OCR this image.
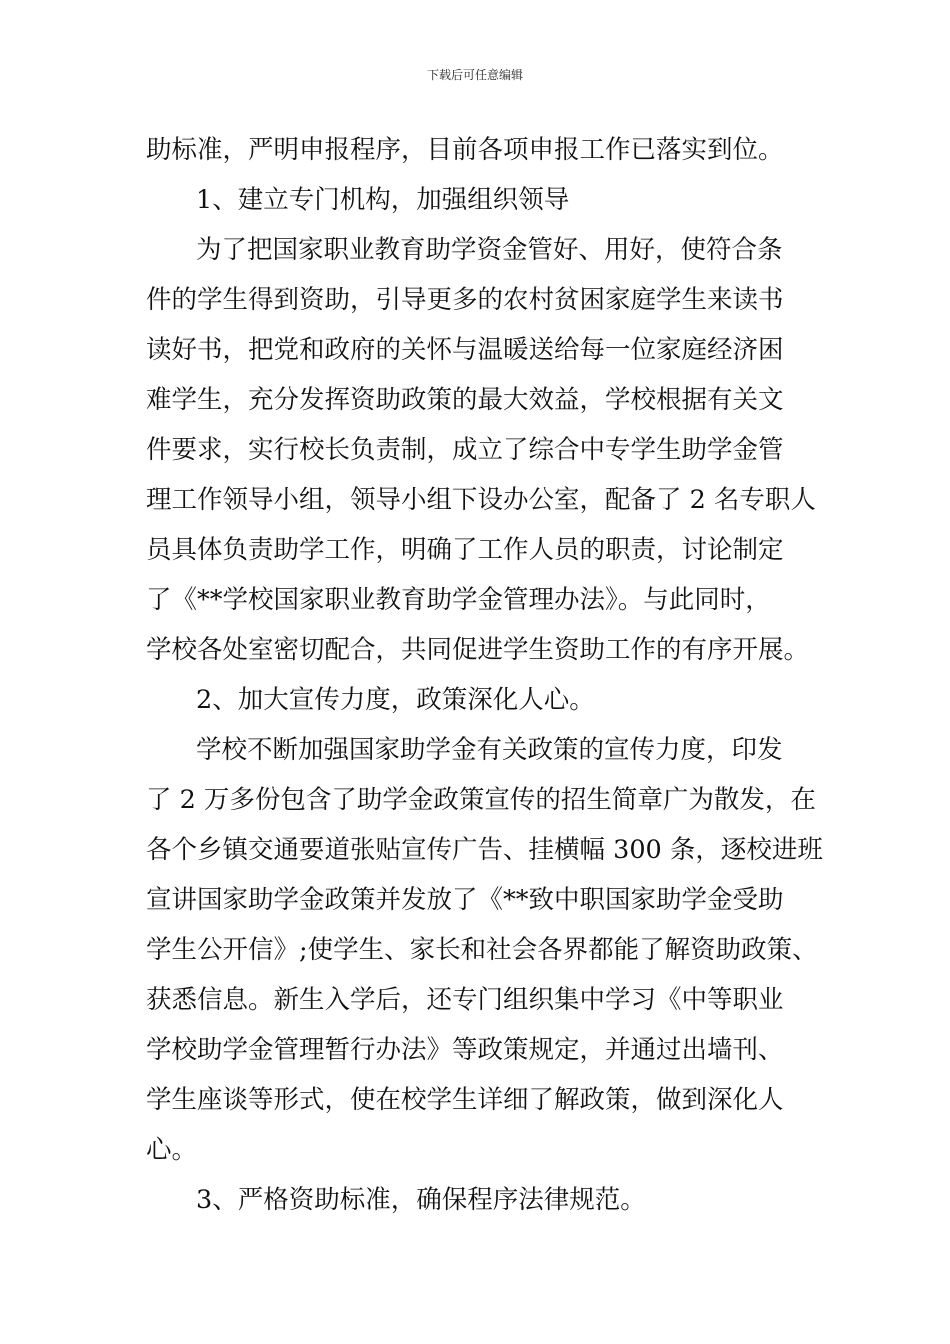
下载后可任意编辑
助标准，严明申报程序，目前各项申报工作已落实到位。
1、建立专门机构，加强组织领导
为了把国家职业教育助学资金管好、用好，使符合条
件的学生得到资助，引导更多的农村贫困家庭学生来读书
读好书，把党和政府的关怀与温暖送给每一位家庭经济困
难学生，充分发挥资助政策的最大效益，学校根据有关文
件要求，实行校长负责制，成立了综合中专学生助学金管
理工作领导小组，领导小组下设办公室，配备了 2 名专职人
员具体负责助学工作，明确了工作人员的职责，讨论制定
了《**学校国家职业教育助学金管理办法》。与此同时，
学校各处室密切配合，共同促进学生资助工作的有序开展。
2、加大宣传力度，政策深化人心。
学校不断加强国家助学金有关政策的宣传力度，印发
了 2 万多份包含了助学金政策宣传的招生简章广为散发，在
各个乡镇交通要道张贴宣传广告、挂横幅 300 条，逐校进班
宣讲国家助学金政策并发放了《**致中职国家助学金受助
学生公开信》;使学生、家长和社会各界都能了解资助政策、
获悉信息。新生入学后，还专门组织集中学习《中等职业
学校助学金管理暂行办法》等政策规定，并通过出墙刊、
学生座谈等形式，使在校学生详细了解政策，做到深化人
心。
3、严格资助标准，确保程序法律规范。
